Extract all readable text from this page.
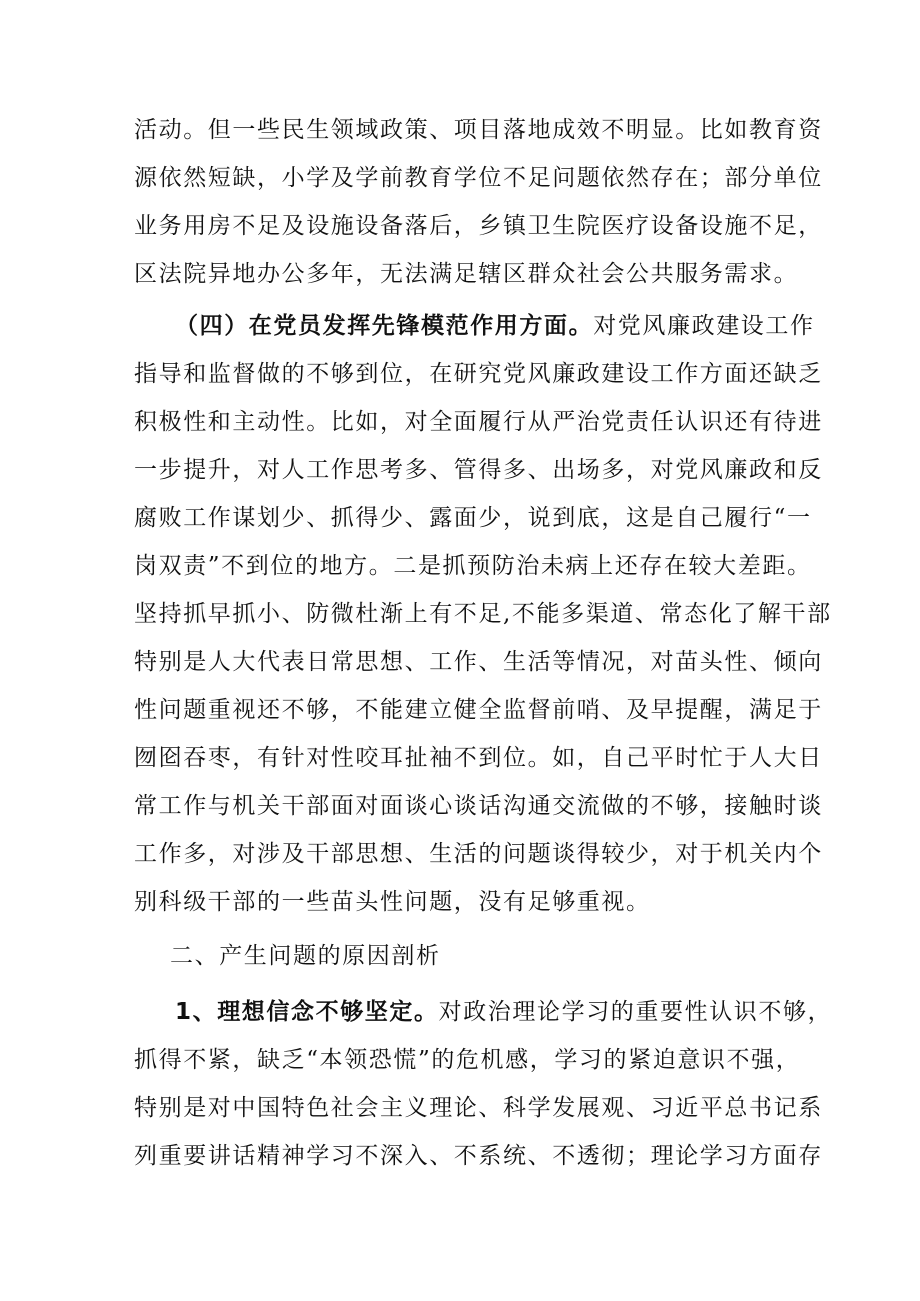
活动。但一些民生领域政策、项目落地成效不明显。比如教育资
源依然短缺，小学及学前教育学位不足问题依然存在；部分单位
业务用房不足及设施设备落后，乡镇卫生院医疗设备设施不足，
区法院异地办公多年，无法满足辖区群众社会公共服务需求。
（四）在党员发挥先锋模范作用方面。对党风廉政建设工作
指导和监督做的不够到位，在研究党风廉政建设工作方面还缺乏
积极性和主动性。比如，对全面履行从严治党责任认识还有待进
一步提升，对人工作思考多、管得多、出场多，对党风廉政和反
腐败工作谋划少、抓得少、露面少，说到底，这是自己履行“一
岗双责”不到位的地方。二是抓预防治未病上还存在较大差距。
坚持抓早抓小、防微杜渐上有不足,不能多渠道、常态化了解干部
特别是人大代表日常思想、工作、生活等情况，对苗头性、倾向
性问题重视还不够，不能建立健全监督前哨、及早提醒，满足于
囫囵吞枣，有针对性咬耳扯袖不到位。如，自己平时忙于人大日
常工作与机关干部面对面谈心谈话沟通交流做的不够，接触时谈
工作多，对涉及干部思想、生活的问题谈得较少，对于机关内个
别科级干部的一些苗头性问题，没有足够重视。
二、产生问题的原因剖析
1、理想信念不够坚定。对政治理论学习的重要性认识不够，
抓得不紧，缺乏“本领恐慌”的危机感，学习的紧迫意识不强，
特别是对中国特色社会主义理论、科学发展观、习近平总书记系
列重要讲话精神学习不深入、不系统、不透彻；理论学习方面存
